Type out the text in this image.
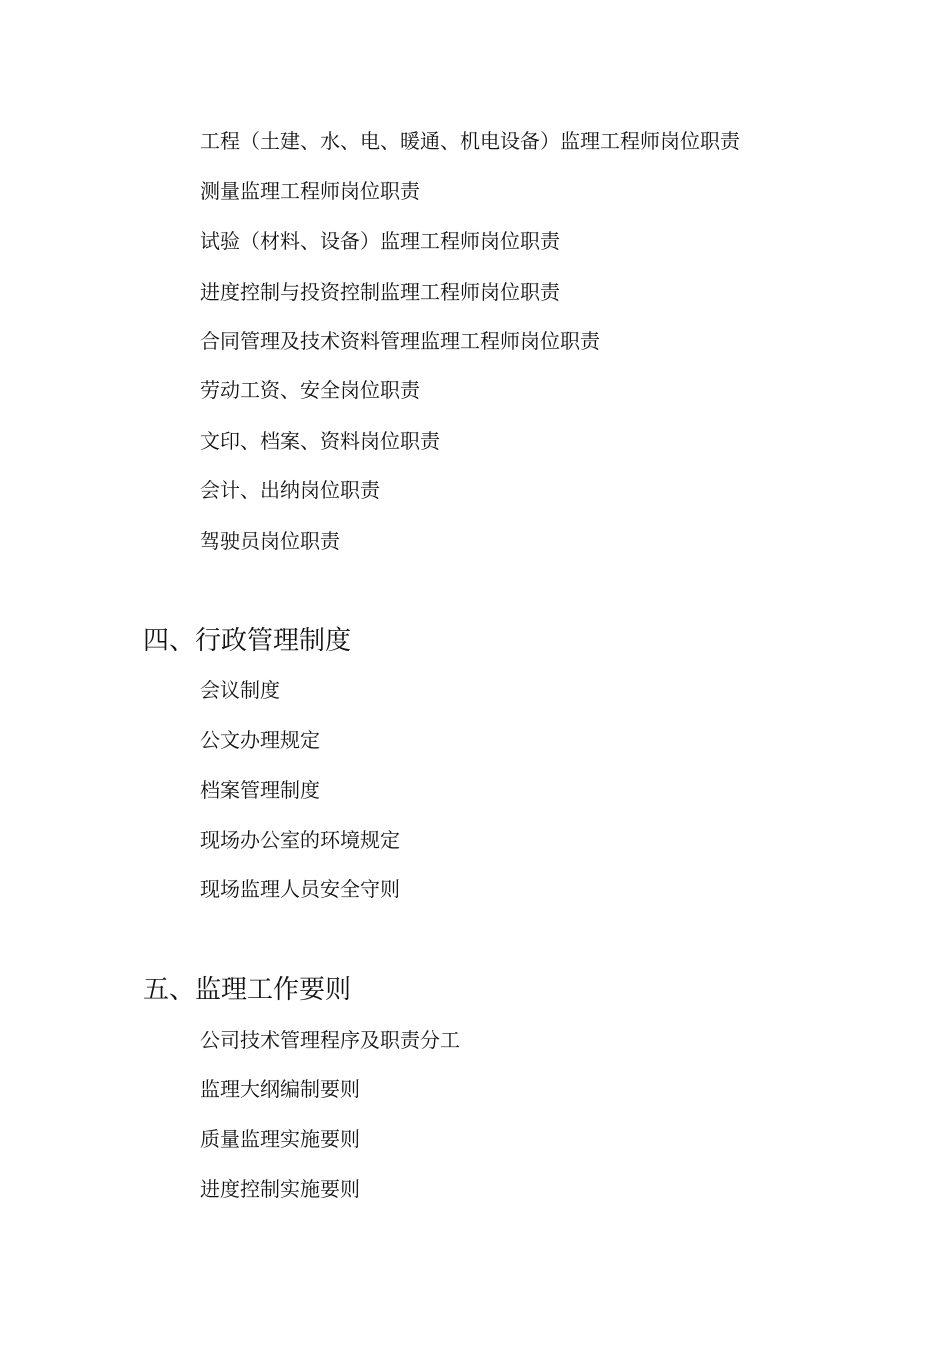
工程（土建、水、电、暖通、机电设备）监理工程师岗位职责
测量监理工程师岗位职责
试验（材料、设备）监理工程师岗位职责
进度控制与投资控制监理工程师岗位职责
合同管理及技术资料管理监理工程师岗位职责
劳动工资、安全岗位职责
文印、档案、资料岗位职责
会计、出纳岗位职责
驾驶员岗位职责
四、行政管理制度
会议制度
公文办理规定
档案管理制度
现场办公室的环境规定
现场监理人员安全守则
五、监理工作要则
公司技术管理程序及职责分工
监理大纲编制要则
质量监理实施要则
进度控制实施要则
